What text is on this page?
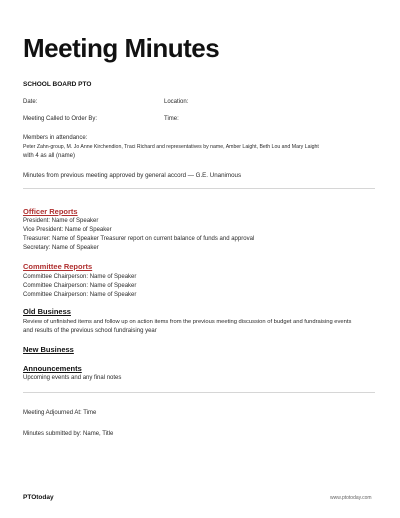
Meeting Minutes
SCHOOL BOARD PTO
Date:	Location:
Meeting Called to Order By:	Time:
Members in attendance:
Peter Zahn-group, M. Jo Anne Kirchendion, Traci Richard and representatives by name, Amber Laight, Beth Lou and Mary Laight
with 4 as all (name)
Minutes from previous meeting approved by general accord — G.E. Unanimous
Officer Reports
President: Name of Speaker
Vice President: Name of Speaker
Treasurer: Name of Speaker Treasurer report on current balance of funds and approval
Secretary: Name of Speaker
Committee Reports
Committee Chairperson: Name of Speaker
Committee Chairperson: Name of Speaker
Committee Chairperson: Name of Speaker
Old Business
Review of unfinished items and follow up on action items from the previous meeting discussion of budget and fundraising events
and results of the previous school fundraising year
New Business
Announcements
Upcoming events and any final notes
Meeting Adjourned At: Time
Minutes submitted by: Name, Title
PTOtoday	www.ptotoday.com
